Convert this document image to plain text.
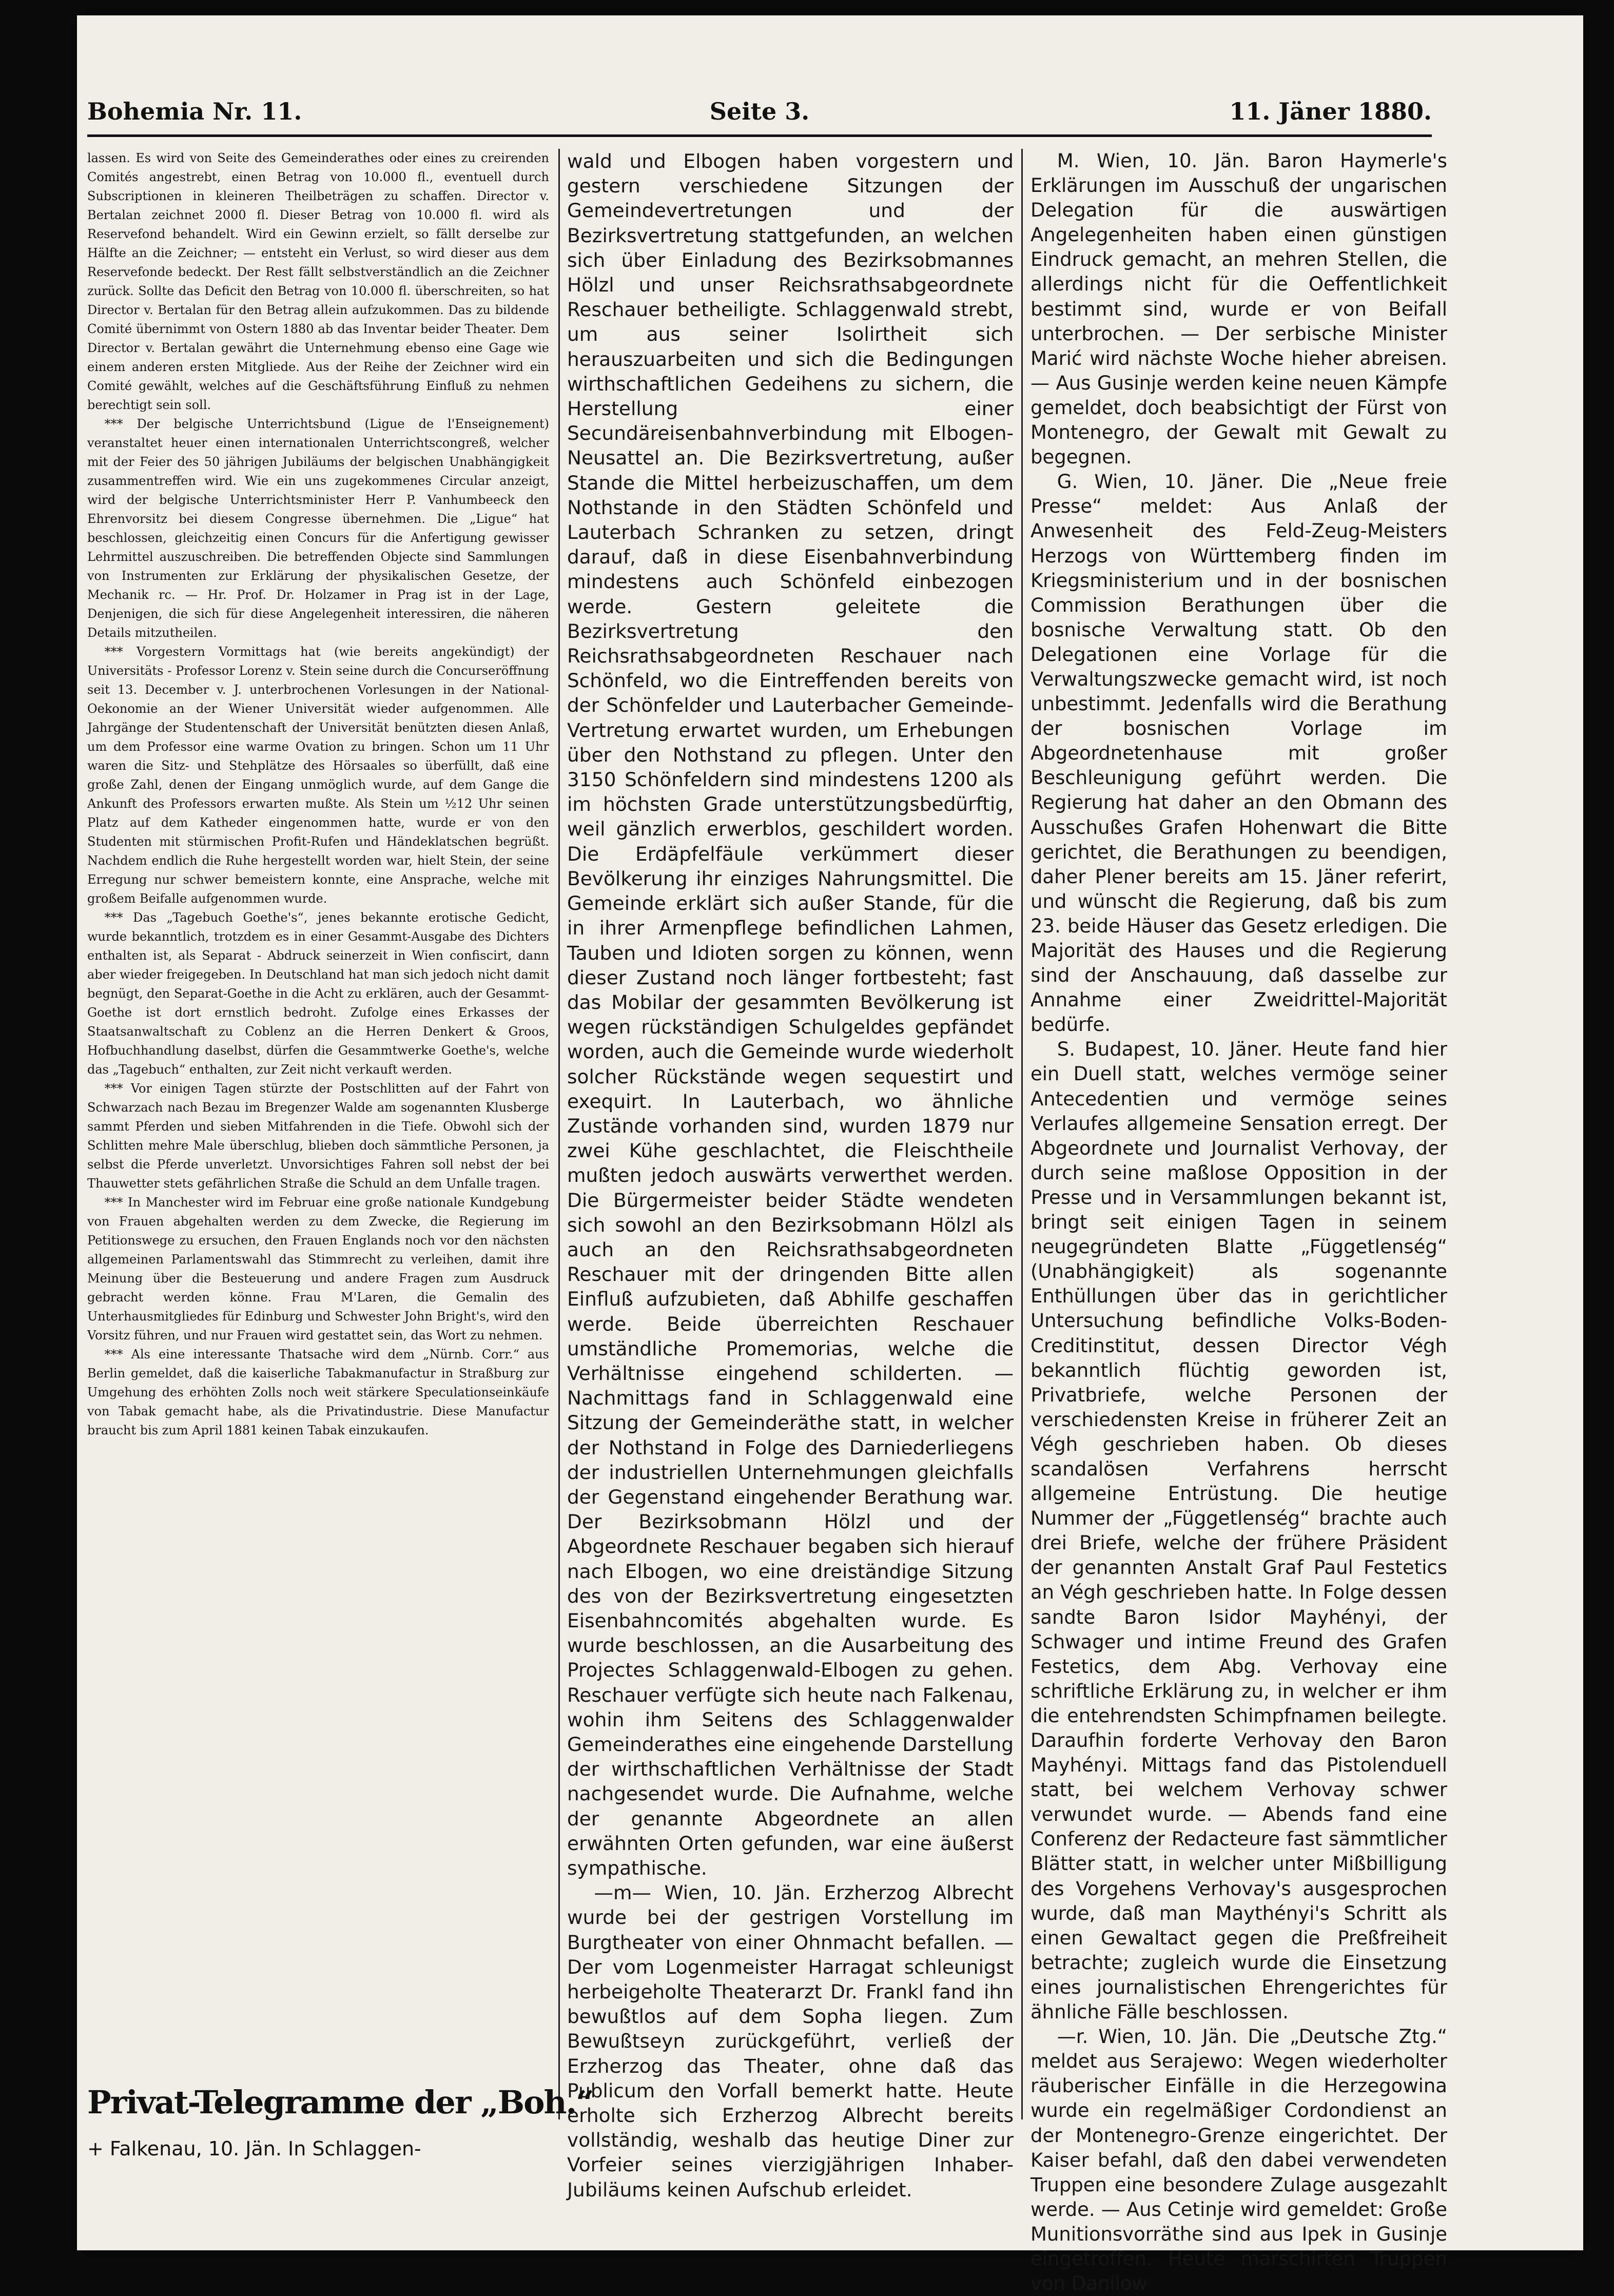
Bohemia Nr. 11.	Seite 3.	11. Jäner 1880.

lassen. Es wird von Seite des Gemeinderathes oder eines zu creirenden Comités angestrebt, einen Betrag von 10.000 fl., eventuell durch Subscriptionen in kleineren Theilbeträgen zu schaffen. Director v. Bertalan zeichnet 2000 fl. Dieser Betrag von 10.000 fl. wird als Reservefond behandelt. Wird ein Gewinn erzielt, so fällt derselbe zur Hälfte an die Zeichner; — entsteht ein Verlust, so wird dieser aus dem Reservefonde bedeckt. Der Rest fällt selbstverständlich an die Zeichner zurück. Sollte das Deficit den Betrag von 10.000 fl. überschreiten, so hat Director v. Bertalan für den Betrag allein aufzukommen. Das zu bildende Comité übernimmt von Ostern 1880 ab das Inventar beider Theater. Dem Director v. Bertalan gewährt die Unternehmung ebenso eine Gage wie einem anderen ersten Mitgliede. Aus der Reihe der Zeichner wird ein Comité gewählt, welches auf die Geschäftsführung Einfluß zu nehmen berechtigt sein soll.

*** Der belgische Unterrichtsbund (Ligue de l'Enseignement) veranstaltet heuer einen internationalen Unterrichtscongreß, welcher mit der Feier des 50 jährigen Jubiläums der belgischen Unabhängigkeit zusammentreffen wird. Wie ein uns zugekommenes Circular anzeigt, wird der belgische Unterrichtsminister Herr P. Vanhumbeeck den Ehrenvorsitz bei diesem Congresse übernehmen. Die „Ligue“ hat beschlossen, gleichzeitig einen Concurs für die Anfertigung gewisser Lehrmittel auszuschreiben. Die betreffenden Objecte sind Sammlungen von Instrumenten zur Erklärung der physikalischen Gesetze, der Mechanik rc. — Hr. Prof. Dr. Holzamer in Prag ist in der Lage, Denjenigen, die sich für diese Angelegenheit interessiren, die näheren Details mitzutheilen.

*** Vorgestern Vormittags hat (wie bereits angekündigt) der Universitäts - Professor Lorenz v. Stein seine durch die Concurseröffnung seit 13. December v. J. unterbrochenen Vorlesungen in der National-Oekonomie an der Wiener Universität wieder aufgenommen. Alle Jahrgänge der Studentenschaft der Universität benützten diesen Anlaß, um dem Professor eine warme Ovation zu bringen. Schon um 11 Uhr waren die Sitz- und Stehplätze des Hörsaales so überfüllt, daß eine große Zahl, denen der Eingang unmöglich wurde, auf dem Gange die Ankunft des Professors erwarten mußte. Als Stein um ½12 Uhr seinen Platz auf dem Katheder eingenommen hatte, wurde er von den Studenten mit stürmischen Profit-Rufen und Händeklatschen begrüßt. Nachdem endlich die Ruhe hergestellt worden war, hielt Stein, der seine Erregung nur schwer bemeistern konnte, eine Ansprache, welche mit großem Beifalle aufgenommen wurde.

*** Das „Tagebuch Goethe's“, jenes bekannte erotische Gedicht, wurde bekanntlich, trotzdem es in einer Gesammt-Ausgabe des Dichters enthalten ist, als Separat - Abdruck seinerzeit in Wien confiscirt, dann aber wieder freigegeben. In Deutschland hat man sich jedoch nicht damit begnügt, den Separat-Goethe in die Acht zu erklären, auch der Gesammt-Goethe ist dort ernstlich bedroht. Zufolge eines Erkasses der Staatsanwaltschaft zu Coblenz an die Herren Denkert & Groos, Hofbuchhandlung daselbst, dürfen die Gesammtwerke Goethe's, welche das „Tagebuch“ enthalten, zur Zeit nicht verkauft werden.

*** Vor einigen Tagen stürzte der Postschlitten auf der Fahrt von Schwarzach nach Bezau im Bregenzer Walde am sogenannten Klusberge sammt Pferden und sieben Mitfahrenden in die Tiefe. Obwohl sich der Schlitten mehre Male überschlug, blieben doch sämmtliche Personen, ja selbst die Pferde unverletzt. Unvorsichtiges Fahren soll nebst der bei Thauwetter stets gefährlichen Straße die Schuld an dem Unfalle tragen.

*** In Manchester wird im Februar eine große nationale Kundgebung von Frauen abgehalten werden zu dem Zwecke, die Regierung im Petitionswege zu ersuchen, den Frauen Englands noch vor den nächsten allgemeinen Parlamentswahl das Stimmrecht zu verleihen, damit ihre Meinung über die Besteuerung und andere Fragen zum Ausdruck gebracht werden könne. Frau M'Laren, die Gemalin des Unterhausmitgliedes für Edinburg und Schwester John Bright's, wird den Vorsitz führen, und nur Frauen wird gestattet sein, das Wort zu nehmen.

*** Als eine interessante Thatsache wird dem „Nürnb. Corr.“ aus Berlin gemeldet, daß die kaiserliche Tabakmanufactur in Straßburg zur Umgehung des erhöhten Zolls noch weit stärkere Speculationseinkäufe von Tabak gemacht habe, als die Privatindustrie. Diese Manufactur braucht bis zum April 1881 keinen Tabak einzukaufen.

Privat-Telegramme der „Boh.“
+ Falkenau, 10. Jän. In Schlaggen-

wald und Elbogen haben vorgestern und gestern verschiedene Sitzungen der Gemeindevertretungen und der Bezirksvertretung stattgefunden, an welchen sich über Einladung des Bezirksobmannes Hölzl und unser Reichsrathsabgeordnete Reschauer betheiligte. Schlaggenwald strebt, um aus seiner Isolirtheit sich herauszuarbeiten und sich die Bedingungen wirthschaftlichen Gedeihens zu sichern, die Herstellung einer Secundäreisenbahnverbindung mit Elbogen-Neusattel an. Die Bezirksvertretung, außer Stande die Mittel herbeizuschaffen, um dem Nothstande in den Städten Schönfeld und Lauterbach Schranken zu setzen, dringt darauf, daß in diese Eisenbahnverbindung mindestens auch Schönfeld einbezogen werde. Gestern geleitete die Bezirksvertretung den Reichsrathsabgeordneten Reschauer nach Schönfeld, wo die Eintreffenden bereits von der Schönfelder und Lauterbacher Gemeinde-Vertretung erwartet wurden, um Erhebungen über den Nothstand zu pflegen. Unter den 3150 Schönfeldern sind mindestens 1200 als im höchsten Grade unterstützungsbedürftig, weil gänzlich erwerblos, geschildert worden. Die Erdäpfelfäule verkümmert dieser Bevölkerung ihr einziges Nahrungsmittel. Die Gemeinde erklärt sich außer Stande, für die in ihrer Armenpflege befindlichen Lahmen, Tauben und Idioten sorgen zu können, wenn dieser Zustand noch länger fortbesteht; fast das Mobilar der gesammten Bevölkerung ist wegen rückständigen Schulgeldes gepfändet worden, auch die Gemeinde wurde wiederholt solcher Rückstände wegen sequestirt und exequirt. In Lauterbach, wo ähnliche Zustände vorhanden sind, wurden 1879 nur zwei Kühe geschlachtet, die Fleischtheile mußten jedoch auswärts verwerthet werden. Die Bürgermeister beider Städte wendeten sich sowohl an den Bezirksobmann Hölzl als auch an den Reichsrathsabgeordneten Reschauer mit der dringenden Bitte allen Einfluß aufzubieten, daß Abhilfe geschaffen werde. Beide überreichten Reschauer umständliche Promemorias, welche die Verhältnisse eingehend schilderten. — Nachmittags fand in Schlaggenwald eine Sitzung der Gemeinderäthe statt, in welcher der Nothstand in Folge des Darniederliegens der industriellen Unternehmungen gleichfalls der Gegenstand eingehender Berathung war. Der Bezirksobmann Hölzl und der Abgeordnete Reschauer begaben sich hierauf nach Elbogen, wo eine dreiständige Sitzung des von der Bezirksvertretung eingesetzten Eisenbahncomités abgehalten wurde. Es wurde beschlossen, an die Ausarbeitung des Projectes Schlaggenwald-Elbogen zu gehen. Reschauer verfügte sich heute nach Falkenau, wohin ihm Seitens des Schlaggenwalder Gemeinderathes eine eingehende Darstellung der wirthschaftlichen Verhältnisse der Stadt nachgesendet wurde. Die Aufnahme, welche der genannte Abgeordnete an allen erwähnten Orten gefunden, war eine äußerst sympathische.

—m— Wien, 10. Jän. Erzherzog Albrecht wurde bei der gestrigen Vorstellung im Burgtheater von einer Ohnmacht befallen. — Der vom Logenmeister Harragat schleunigst herbeigeholte Theaterarzt Dr. Frankl fand ihn bewußtlos auf dem Sopha liegen. Zum Bewußtseyn zurückgeführt, verließ der Erzherzog das Theater, ohne daß das Publicum den Vorfall bemerkt hatte. Heute erholte sich Erzherzog Albrecht bereits vollständig, weshalb das heutige Diner zur Vorfeier seines vierzigjährigen Inhaber-Jubiläums keinen Aufschub erleidet.

M. Wien, 10. Jän. Baron Haymerle's Erklärungen im Ausschuß der ungarischen Delegation für die auswärtigen Angelegenheiten haben einen günstigen Eindruck gemacht, an mehren Stellen, die allerdings nicht für die Oeffentlichkeit bestimmt sind, wurde er von Beifall unterbrochen. — Der serbische Minister Marić wird nächste Woche hieher abreisen. — Aus Gusinje werden keine neuen Kämpfe gemeldet, doch beabsichtigt der Fürst von Montenegro, der Gewalt mit Gewalt zu begegnen.

G. Wien, 10. Jäner. Die „Neue freie Presse“ meldet: Aus Anlaß der Anwesenheit des Feld-Zeug-Meisters Herzogs von Württemberg finden im Kriegsministerium und in der bosnischen Commission Berathungen über die bosnische Verwaltung statt. Ob den Delegationen eine Vorlage für die Verwaltungszwecke gemacht wird, ist noch unbestimmt. Jedenfalls wird die Berathung der bosnischen Vorlage im Abgeordnetenhause mit großer Beschleunigung geführt werden. Die Regierung hat daher an den Obmann des Ausschußes Grafen Hohenwart die Bitte gerichtet, die Berathungen zu beendigen, daher Plener bereits am 15. Jäner referirt, und wünscht die Regierung, daß bis zum 23. beide Häuser das Gesetz erledigen. Die Majorität des Hauses und die Regierung sind der Anschauung, daß dasselbe zur Annahme einer Zweidrittel-Majorität bedürfe.

S. Budapest, 10. Jäner. Heute fand hier ein Duell statt, welches vermöge seiner Antecedentien und vermöge seines Verlaufes allgemeine Sensation erregt. Der Abgeordnete und Journalist Verhovay, der durch seine maßlose Opposition in der Presse und in Versammlungen bekannt ist, bringt seit einigen Tagen in seinem neugegründeten Blatte „Függetlenség“ (Unabhängigkeit) als sogenannte Enthüllungen über das in gerichtlicher Untersuchung befindliche Volks-Boden-Creditinstitut, dessen Director Végh bekanntlich flüchtig geworden ist, Privatbriefe, welche Personen der verschiedensten Kreise in früherer Zeit an Végh geschrieben haben. Ob dieses scandalösen Verfahrens herrscht allgemeine Entrüstung. Die heutige Nummer der „Függetlenség“ brachte auch drei Briefe, welche der frühere Präsident der genannten Anstalt Graf Paul Festetics an Végh geschrieben hatte. In Folge dessen sandte Baron Isidor Mayhényi, der Schwager und intime Freund des Grafen Festetics, dem Abg. Verhovay eine schriftliche Erklärung zu, in welcher er ihm die entehrendsten Schimpfnamen beilegte. Daraufhin forderte Verhovay den Baron Mayhényi. Mittags fand das Pistolenduell statt, bei welchem Verhovay schwer verwundet wurde. — Abends fand eine Conferenz der Redacteure fast sämmtlicher Blätter statt, in welcher unter Mißbilligung des Vorgehens Verhovay's ausgesprochen wurde, daß man Maythényi's Schritt als einen Gewaltact gegen die Preßfreiheit betrachte; zugleich wurde die Einsetzung eines journalistischen Ehrengerichtes für ähnliche Fälle beschlossen.

—r. Wien, 10. Jän. Die „Deutsche Ztg.“ meldet aus Serajewo: Wegen wiederholter räuberischer Einfälle in die Herzegowina wurde ein regelmäßiger Cordondienst an der Montenegro-Grenze eingerichtet. Der Kaiser befahl, daß den dabei verwendeten Truppen eine besondere Zulage ausgezahlt werde. — Aus Cetinje wird gemeldet: Große Munitionsvorräthe sind aus Ipek in Gusinje eingetroffen. Heute marschirten Truppen von Danilow
